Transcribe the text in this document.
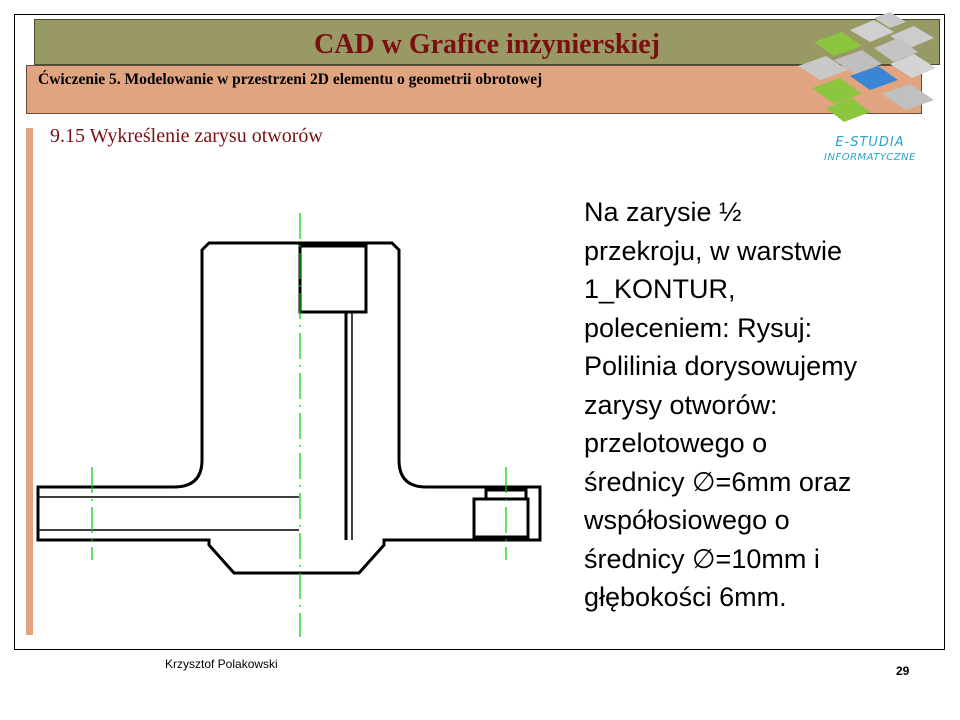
CAD w Grafice inżynierskiej
Ćwiczenie 5. Modelowanie w przestrzeni 2D elementu o geometrii obrotowej
9.15 Wykreślenie zarysu otworów	E-STUDIA
INFORMATYCZNE
Na zarysie ½
przekroju, w warstwie
1_KONTUR,
poleceniem: Rysuj:
Polilinia dorysowujemy
zarysy otworów:
przelotowego o
średnicy ∅=6mm oraz
współosiowego o
średnicy ∅=10mm i
głębokości 6mm.
Krzysztof Polakowski	29
